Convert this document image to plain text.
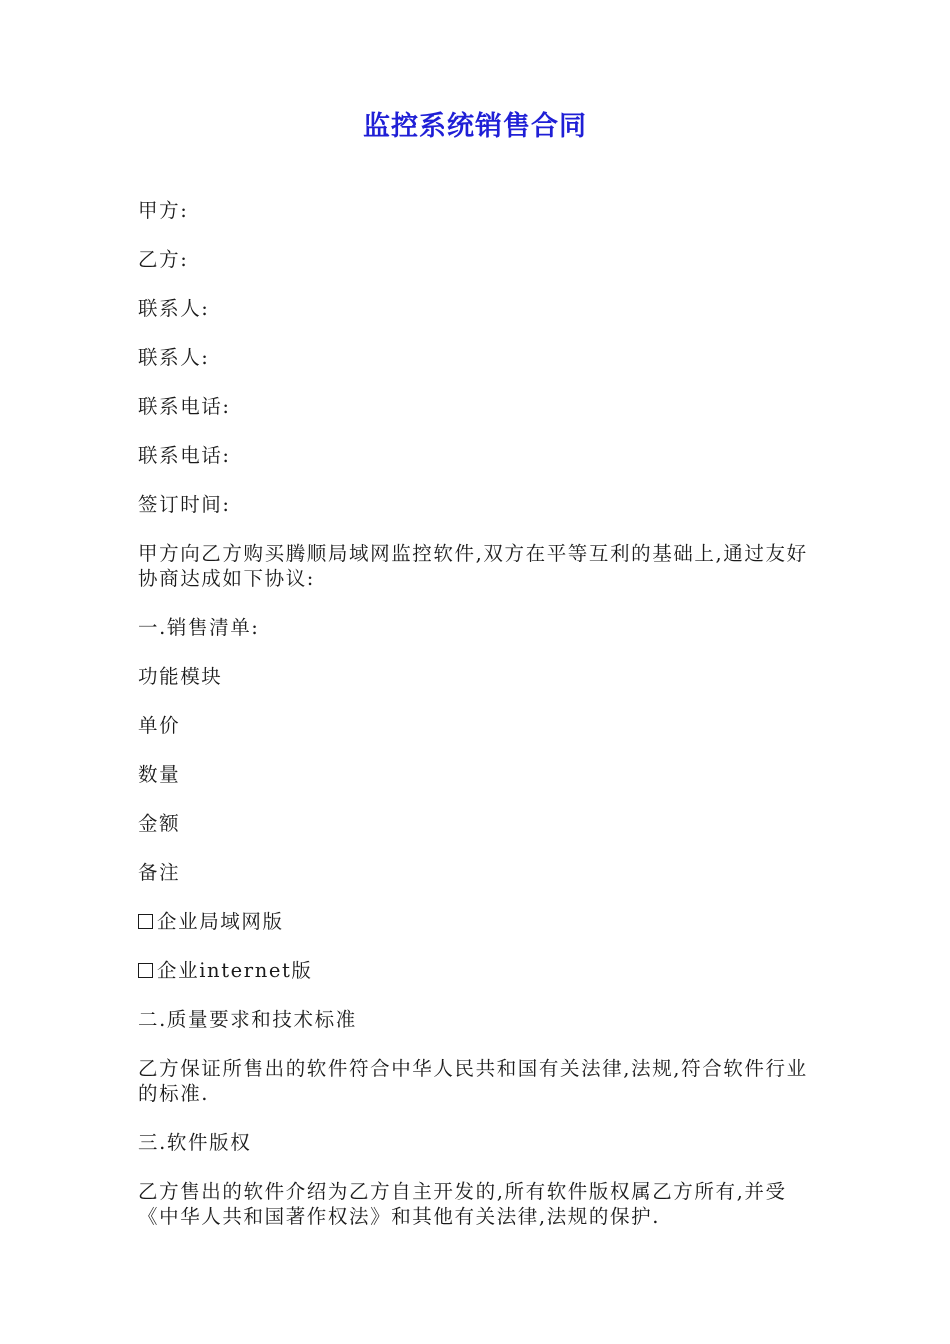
监控系统销售合同

甲方:

乙方:

联系人:

联系人:

联系电话:

联系电话:

签订时间:

甲方向乙方购买腾顺局域网监控软件,双方在平等互利的基础上,通过友好协商达成如下协议:

一.销售清单:

功能模块

单价

数量

金额

备注

企业局域网版

企业internet版

二.质量要求和技术标准

乙方保证所售出的软件符合中华人民共和国有关法律,法规,符合软件行业的标准.

三.软件版权

乙方售出的软件介绍为乙方自主开发的,所有软件版权属乙方所有,并受《中华人共和国著作权法》和其他有关法律,法规的保护.
